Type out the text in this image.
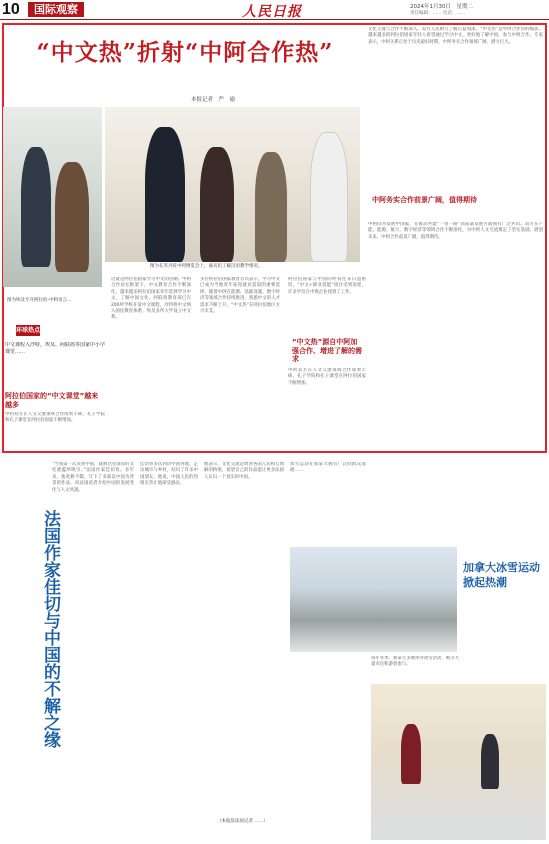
10	国际观察	人民日报	2024年1月30日　星期二
责任编辑：…… 电话：……
“中文热”折射“中阿合作热”
本报记者　严　瑜
图为埃及专升阿拉伯-中阿语言…
图为在苏丹驻中阿博览会上，嘉宾们了解汉语教学情况。
环球热点
中文课程入沙特，埃及、阿联酋等国家中小学课堂……
阿拉伯国家的“中文课堂”越来越多
中阿双方在人文交流领域合作成果丰硕，孔子学院和孔子课堂在阿拉伯国家不断增加。
这就是阿拉伯国家学习中文的热潮。中阿合作论坛框架下，中文教育合作不断深化，越来越多阿拉伯国家青年选择学习中文，了解中国文化。阿联酋教育部已在200所学校开设中文课程，沙特将中文纳入国民教育体系，埃及多所大学设立中文系。
多位阿拉伯国家教育官员表示，学习中文已成为当地青年拓宽就业渠道的重要选择。随着中阿在能源、基础设施、数字经济等领域合作持续推进，熟悉中文的人才需求不断上升，“中文热”在阿拉伯地区方兴未艾。
阿拉伯国家与中国的经贸往来日益密切，“中文+职业技能”项目受到欢迎，许多学员在中资企业找到了工作。
“中文热”源自中阿加强合作、增进了解的需求
中阿双方在人文交流领域合作成果丰硕，孔子学院和孔子课堂在阿拉伯国家不断增加。
文化交流与合作不断深入，双方人民相互了解日益加深。“中文热”是中阿合作热的缩影，越来越多的阿拉伯国家年轻人希望通过学习中文，更好地了解中国、参与中阿合作。专家表示，中阿关系正处于历史最好时期，中阿务实合作领域广阔、潜力巨大。
中阿务实合作前景广阔，值得期待
中阿同为发展中国家，在推动共建“一带一路”高质量发展方面拥有广泛共识。双方在产能、能源、航天、数字经济等领域合作不断深化，为中阿人文交流奠定了坚实基础。展望未来，中阿合作前景广阔，值得期待。
法国作家佳切与中国的不解之缘
“当我第一次来到中国，就被这里深厚的文化底蕴所吸引。”法国作家佳切说。多年来，他笔耕不辍，写下了多部以中国为背景的作品，向法国读者介绍中国的发展变化与人文风貌。
佳切曾多次到访中国各地，走访城市与乡村，结识了许多中国朋友。他说，中国人民的热情友善让他深受感动。
他表示，文化交流是增进各国人民相互理解的桥梁，希望自己的作品能让更多法国人认识一个真实的中国。
（本报驻法国记者 ……）
冰雪运动在加拿大拥有广泛的群众基础……
加拿大冰雪运动掀起热潮
每年冬季，加拿大多地举办冰雪活动，吸引大量市民和游客参与。
